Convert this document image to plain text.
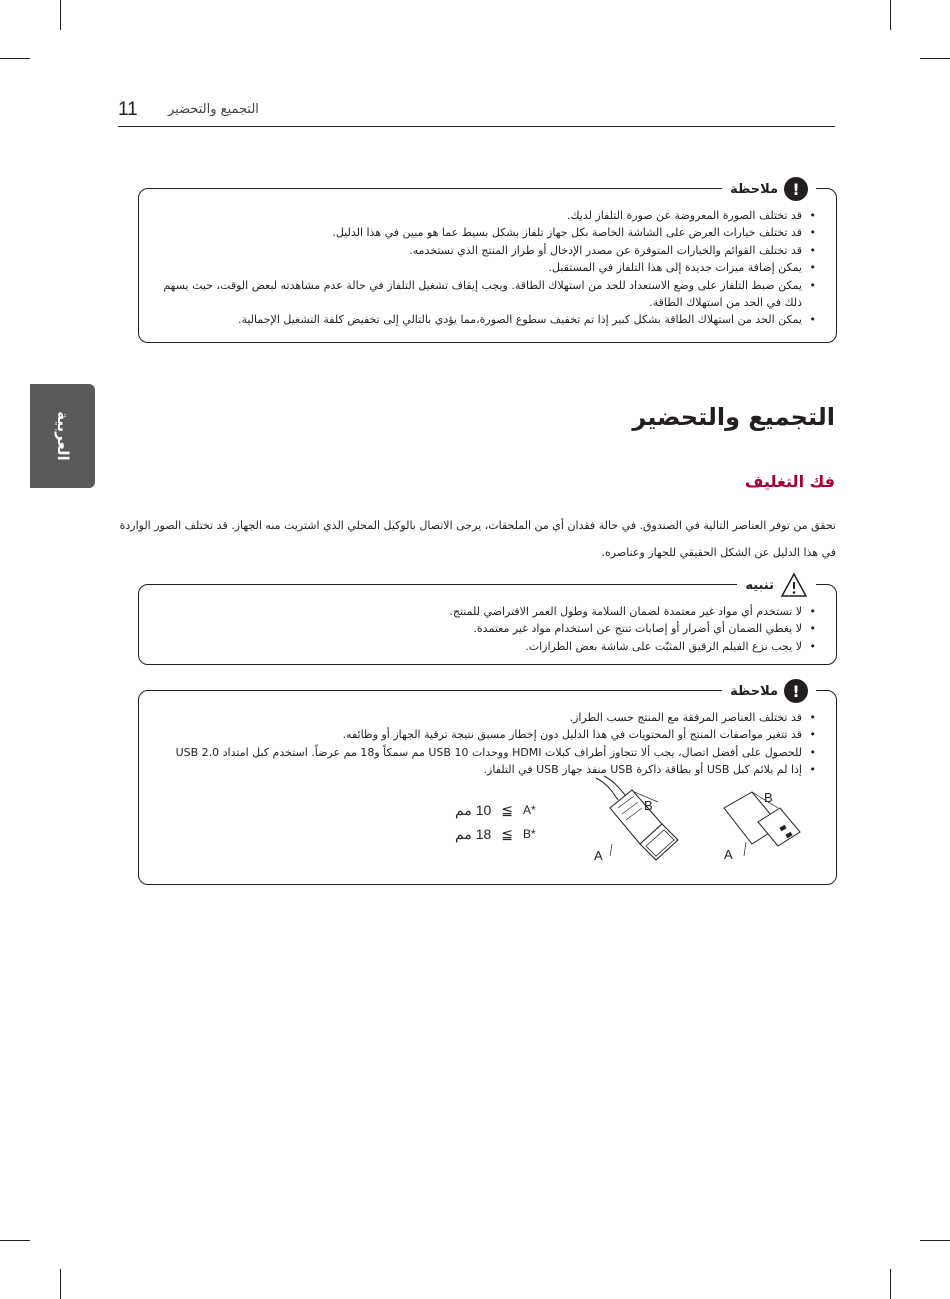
11 التجميع والتحضير
العربية
!
ملاحظة
• قد تختلف الصورة المعروضة عن صورة التلفاز لديك.
• قد تختلف خيارات العرض على الشاشة الخاصة بكل جهاز تلفاز بشكل بسيط عما هو مبين في هذا الدليل.
• قد تختلف القوائم والخيارات المتوفرة عن مصدر الإدخال أو طراز المنتج الذي تستخدمه.
• يمكن إضافة ميزات جديدة إلى هذا التلفاز في المستقبل.
• يمكن ضبط التلفاز على وضع الاستعداد للحد من استهلاك الطاقة. ويجب إيقاف تشغيل التلفاز في حالة عدم مشاهدته لبعض الوقت، حيث يسهم ذلك في الحد من استهلاك الطاقة.
• يمكن الحد من استهلاك الطاقة بشكل كبير إذا تم تخفيف سطوع الصورة،مما يؤدي بالتالي إلى تخفيض كلفة التشغيل الإجمالية.
التجميع والتحضير
فك التغليف

تحقق من توفر العناصر التالية في الصندوق. في حالة فقدان أي من الملحقات، يرجى الاتصال بالوكيل المحلي الذي اشتريت منه الجهاز. قد تختلف الصور الواردة

في هذا الدليل عن الشكل الحقيقي للجهاز وعناصره.

تنبيه
• لا تستخدم أي مواد غير معتمدة لضمان السلامة وطول العمر الافتراضي للمنتج.
• لا يغطي الضمان أي أضرار أو إصابات تنتج عن استخدام مواد غير معتمدة.
• لا يجب نزع الفيلم الرقيق المثبّت على شاشة بعض الطرازات.
!
ملاحظة
• قد تختلف العناصر المرفقة مع المنتج حسب الطراز.
• قد تتغير مواصفات المنتج أو المحتويات في هذا الدليل دون إخطار مسبق نتيجة ترقية الجهاز أو وظائفه.
• للحصول على أفضل اتصال، يجب ألا تتجاوز أطراف كبلات HDMI ووحدات USB 10 مم سمكاً و18 مم عرضاً. استخدم كبل امتداد USB 2.0
• إذا لم يلائم كبل USB أو بطاقة ذاكرة USB منفذ جهاز USB في التلفاز.
10 مم ≦ A*
18 مم ≦ B*
B
A
B
A
